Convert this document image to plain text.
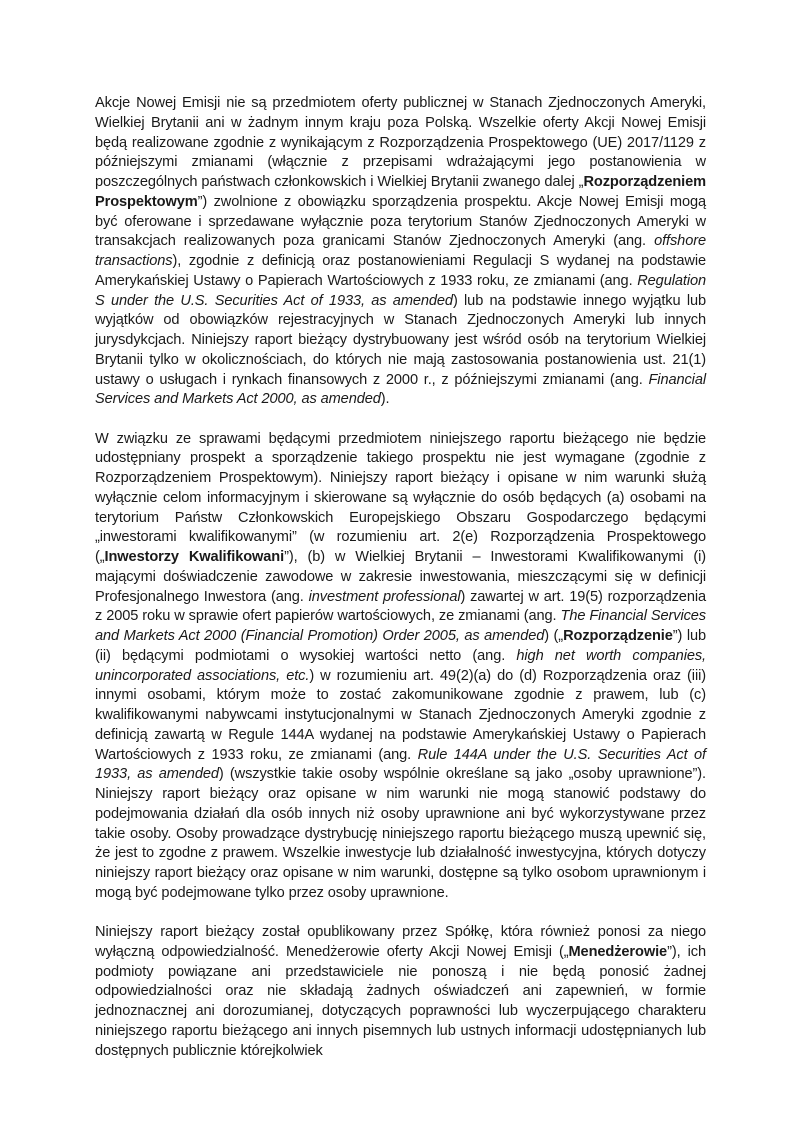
Akcje Nowej Emisji nie są przedmiotem oferty publicznej w Stanach Zjednoczonych Ameryki, Wielkiej Brytanii ani w żadnym innym kraju poza Polską. Wszelkie oferty Akcji Nowej Emisji będą realizowane zgodnie z wynikającym z Rozporządzenia Prospektowego (UE) 2017/1129 z późniejszymi zmianami (włącznie z przepisami wdrażającymi jego postanowienia w poszczególnych państwach członkowskich i Wielkiej Brytanii zwanego dalej „Rozporządzeniem Prospektowym”) zwolnione z obowiązku sporządzenia prospektu. Akcje Nowej Emisji mogą być oferowane i sprzedawane wyłącznie poza terytorium Stanów Zjednoczonych Ameryki w transakcjach realizowanych poza granicami Stanów Zjednoczonych Ameryki (ang. offshore transactions), zgodnie z definicją oraz postanowieniami Regulacji S wydanej na podstawie Amerykańskiej Ustawy o Papierach Wartościowych z 1933 roku, ze zmianami (ang. Regulation S under the U.S. Securities Act of 1933, as amended) lub na podstawie innego wyjątku lub wyjątków od obowiązków rejestracyjnych w Stanach Zjednoczonych Ameryki lub innych jurysdykcjach. Niniejszy raport bieżący dystrybuowany jest wśród osób na terytorium Wielkiej Brytanii tylko w okolicznościach, do których nie mają zastosowania postanowienia ust. 21(1) ustawy o usługach i rynkach finansowych z 2000 r., z późniejszymi zmianami (ang. Financial Services and Markets Act 2000, as amended).

W związku ze sprawami będącymi przedmiotem niniejszego raportu bieżącego nie będzie udostępniany prospekt a sporządzenie takiego prospektu nie jest wymagane (zgodnie z Rozporządzeniem Prospektowym). Niniejszy raport bieżący i opisane w nim warunki służą wyłącznie celom informacyjnym i skierowane są wyłącznie do osób będących (a) osobami na terytorium Państw Członkowskich Europejskiego Obszaru Gospodarczego będącymi „inwestorami kwalifikowanymi” (w rozumieniu art. 2(e) Rozporządzenia Prospektowego („Inwestorzy Kwalifikowani”), (b) w Wielkiej Brytanii – Inwestorami Kwalifikowanymi (i) mającymi doświadczenie zawodowe w zakresie inwestowania, mieszczącymi się w definicji Profesjonalnego Inwestora (ang. investment professional) zawartej w art. 19(5) rozporządzenia z 2005 roku w sprawie ofert papierów wartościowych, ze zmianami (ang. The Financial Services and Markets Act 2000 (Financial Promotion) Order 2005, as amended) („Rozporządzenie”) lub (ii) będącymi podmiotami o wysokiej wartości netto (ang. high net worth companies, unincorporated associations, etc.) w rozumieniu art. 49(2)(a) do (d) Rozporządzenia oraz (iii) innymi osobami, którym może to zostać zakomunikowane zgodnie z prawem, lub (c) kwalifikowanymi nabywcami instytucjonalnymi w Stanach Zjednoczonych Ameryki zgodnie z definicją zawartą w Regule 144A wydanej na podstawie Amerykańskiej Ustawy o Papierach Wartościowych z 1933 roku, ze zmianami (ang. Rule 144A under the U.S. Securities Act of 1933, as amended) (wszystkie takie osoby wspólnie określane są jako „osoby uprawnione”). Niniejszy raport bieżący oraz opisane w nim warunki nie mogą stanowić podstawy do podejmowania działań dla osób innych niż osoby uprawnione ani być wykorzystywane przez takie osoby. Osoby prowadzące dystrybucję niniejszego raportu bieżącego muszą upewnić się, że jest to zgodne z prawem. Wszelkie inwestycje lub działalność inwestycyjna, których dotyczy niniejszy raport bieżący oraz opisane w nim warunki, dostępne są tylko osobom uprawnionym i mogą być podejmowane tylko przez osoby uprawnione.

Niniejszy raport bieżący został opublikowany przez Spółkę, która również ponosi za niego wyłączną odpowiedzialność. Menedżerowie oferty Akcji Nowej Emisji („Menedżerowie”), ich podmioty powiązane ani przedstawiciele nie ponoszą i nie będą ponosić żadnej odpowiedzialności oraz nie składają żadnych oświadczeń ani zapewnień, w formie jednoznacznej ani dorozumianej, dotyczących poprawności lub wyczerpującego charakteru niniejszego raportu bieżącego ani innych pisemnych lub ustnych informacji udostępnianych lub dostępnych publicznie którejkolwiek
